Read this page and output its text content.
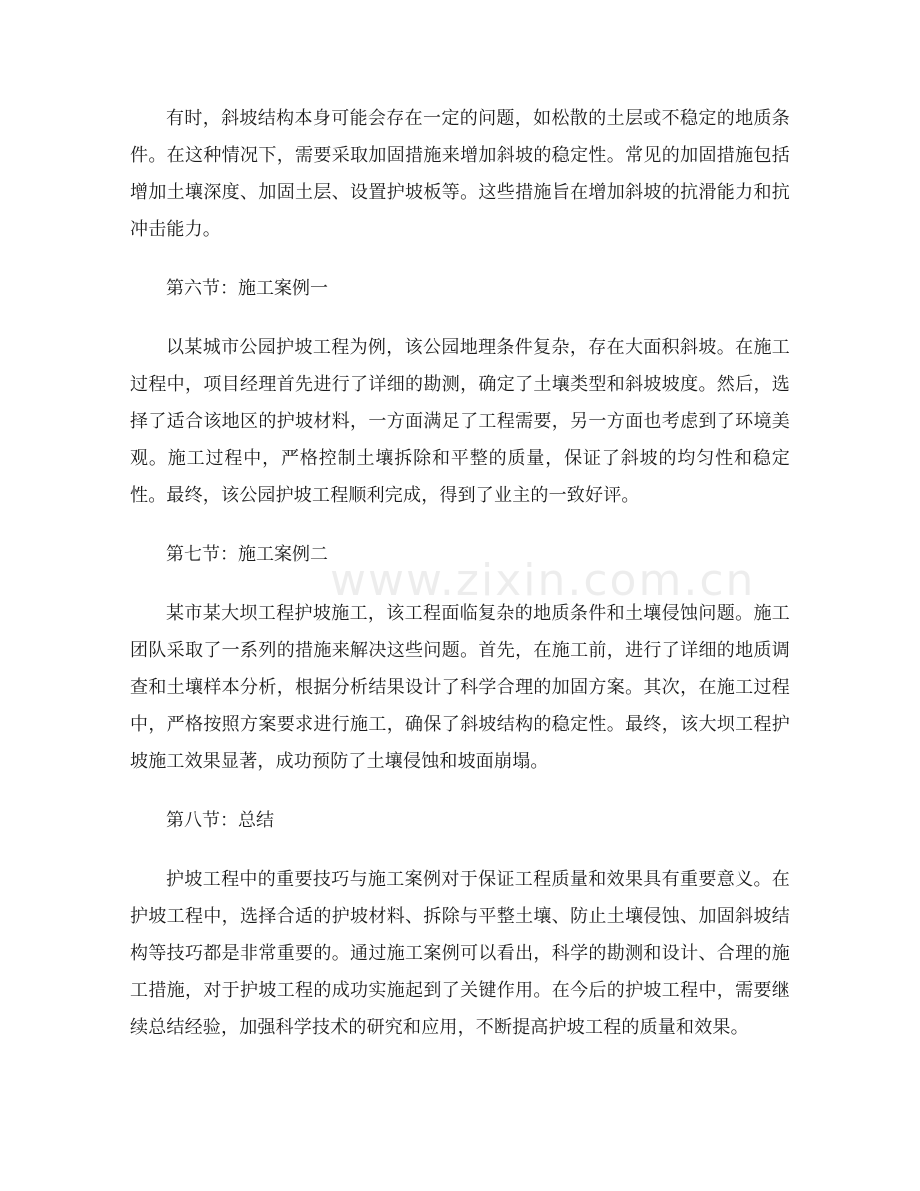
www.zixin.com.cn

有时，斜坡结构本身可能会存在一定的问题，如松散的土层或不稳定的地质条件。在这种情况下，需要采取加固措施来增加斜坡的稳定性。常见的加固措施包括增加土壤深度、加固土层、设置护坡板等。这些措施旨在增加斜坡的抗滑能力和抗冲击能力。

第六节：施工案例一

以某城市公园护坡工程为例，该公园地理条件复杂，存在大面积斜坡。在施工过程中，项目经理首先进行了详细的勘测，确定了土壤类型和斜坡坡度。然后，选择了适合该地区的护坡材料，一方面满足了工程需要，另一方面也考虑到了环境美观。施工过程中，严格控制土壤拆除和平整的质量，保证了斜坡的均匀性和稳定性。最终，该公园护坡工程顺利完成，得到了业主的一致好评。

第七节：施工案例二

某市某大坝工程护坡施工，该工程面临复杂的地质条件和土壤侵蚀问题。施工团队采取了一系列的措施来解决这些问题。首先，在施工前，进行了详细的地质调查和土壤样本分析，根据分析结果设计了科学合理的加固方案。其次，在施工过程中，严格按照方案要求进行施工，确保了斜坡结构的稳定性。最终，该大坝工程护坡施工效果显著，成功预防了土壤侵蚀和坡面崩塌。

第八节：总结

护坡工程中的重要技巧与施工案例对于保证工程质量和效果具有重要意义。在护坡工程中，选择合适的护坡材料、拆除与平整土壤、防止土壤侵蚀、加固斜坡结构等技巧都是非常重要的。通过施工案例可以看出，科学的勘测和设计、合理的施工措施，对于护坡工程的成功实施起到了关键作用。在今后的护坡工程中，需要继续总结经验，加强科学技术的研究和应用，不断提高护坡工程的质量和效果。
